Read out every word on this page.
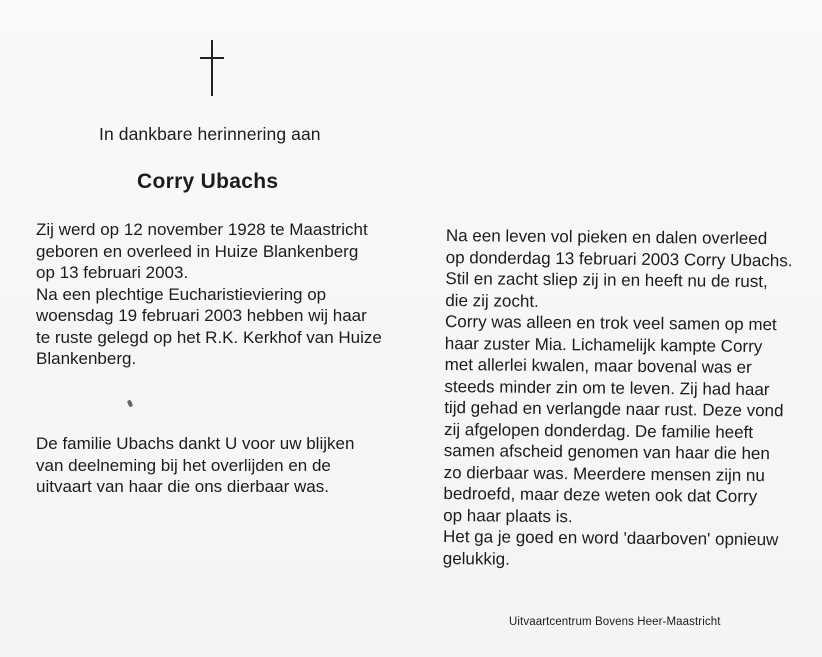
In dankbare herinnering aan
Corry Ubachs

Zij werd op 12 november 1928 te Maastricht

geboren en overleed in Huize Blankenberg

op 13 februari 2003.

Na een plechtige Eucharistieviering op

woensdag 19 februari 2003 hebben wij haar

te ruste gelegd op het R.K. Kerkhof van Huize

Blankenberg.

De familie Ubachs dankt U voor uw blijken

van deelneming bij het overlijden en de

uitvaart van haar die ons dierbaar was.

Na een leven vol pieken en dalen overleed

op donderdag 13 februari 2003 Corry Ubachs.

Stil en zacht sliep zij in en heeft nu de rust,

die zij zocht.

Corry was alleen en trok veel samen op met

haar zuster Mia. Lichamelijk kampte Corry

met allerlei kwalen, maar bovenal was er

steeds minder zin om te leven. Zij had haar

tijd gehad en verlangde naar rust. Deze vond

zij afgelopen donderdag. De familie heeft

samen afscheid genomen van haar die hen

zo dierbaar was. Meerdere mensen zijn nu

bedroefd, maar deze weten ook dat Corry

op haar plaats is.

Het ga je goed en word 'daarboven' opnieuw

gelukkig.

Uitvaartcentrum Bovens Heer-Maastricht
